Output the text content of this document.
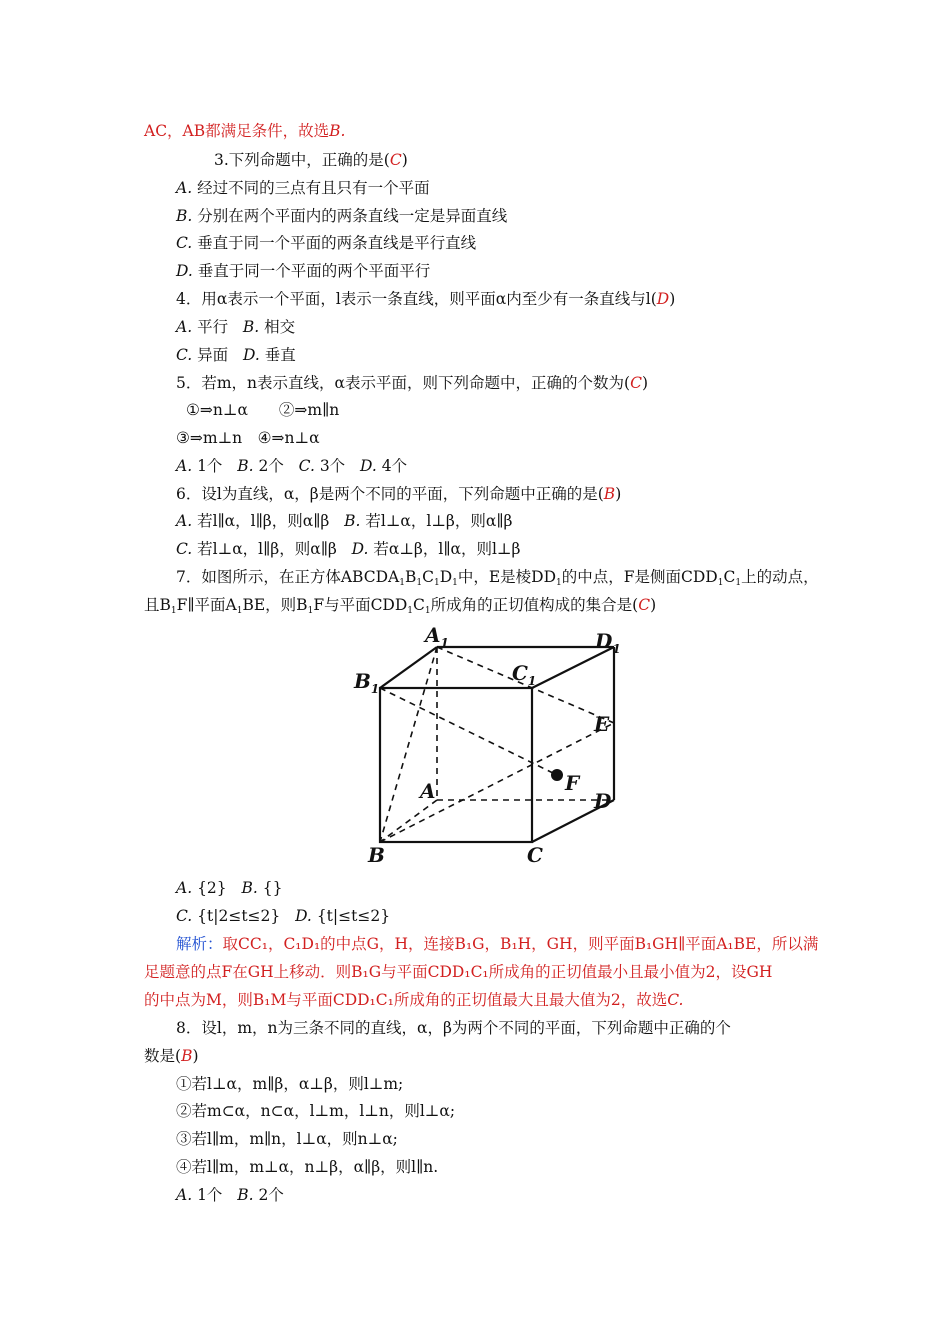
AC，AB都满足条件，故选B.
3.下列命题中，正确的是(C)
A. 经过不同的三点有且只有一个平面
B. 分别在两个平面内的两条直线一定是异面直线
C. 垂直于同一个平面的两条直线是平行直线
D. 垂直于同一个平面的两个平面平行
4．用α表示一个平面，l表示一条直线，则平面α内至少有一条直线与l(D)
A. 平行 B. 相交
C. 异面 D. 垂直
5．若m，n表示直线，α表示平面，则下列命题中，正确的个数为(C)
①⇒n⊥α　　②⇒m∥n
③⇒m⊥n　④⇒n⊥α
A. 1个 B. 2个 C. 3个 D. 4个
6．设l为直线，α，β是两个不同的平面，下列命题中正确的是(B)
A. 若l∥α，l∥β，则α∥β B. 若l⊥α，l⊥β，则α∥β
C. 若l⊥α，l∥β，则α∥β D. 若α⊥β，l∥α，则l⊥β
7．如图所示，在正方体$ABCDA_1B_1C_1D_1$中，E是棱$DD_1$的中点，F是侧面$CDD_1C_1$上的动点，
且$B_1F\parallel$平面$A_1BE$，则$B_1F$与平面$CDD_1C_1$所成角的正切值构成的集合是(C)
$A_1$	$D_1$
$B_1$
$C_1$
E
F
A	D
B	C
A. {2} B. {}
C. {t|2≤t≤2} D. {t|≤t≤2}
解析：取CC₁，C₁D₁的中点G，H，连接B₁G，B₁H，GH，则平面B₁GH∥平面A₁BE，所以满
足题意的点F在GH上移动．则B₁G与平面CDD₁C₁所成角的正切值最小且最小值为2，设GH
的中点为M，则B₁M与平面CDD₁C₁所成角的正切值最大且最大值为2，故选C.
8．设l，m，n为三条不同的直线，α，β为两个不同的平面，下列命题中正确的个
数是(B)
①若l⊥α，m∥β，α⊥β，则l⊥m;
②若m⊂α，n⊂α，l⊥m，l⊥n，则l⊥α;
③若l∥m，m∥n，l⊥α，则n⊥α;
④若l∥m，m⊥α，n⊥β，α∥β，则l∥n.
A. 1个 B. 2个
